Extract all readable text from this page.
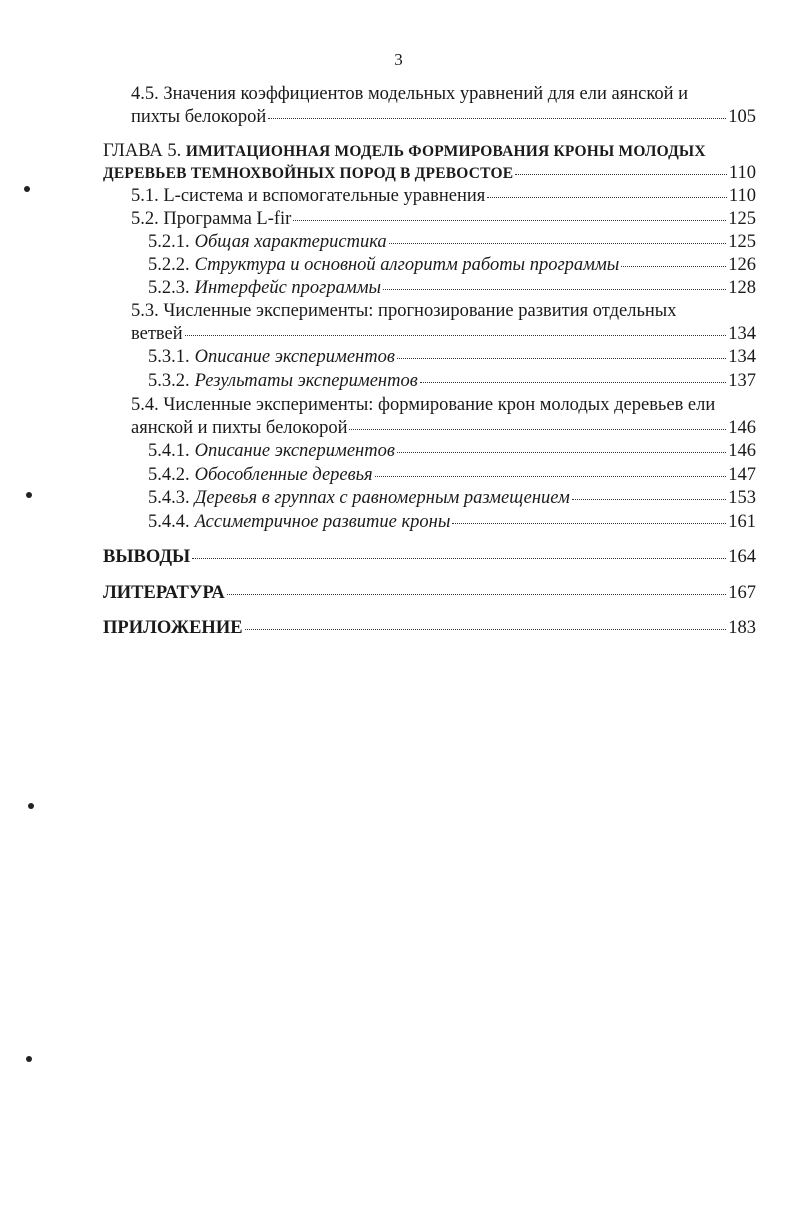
3
4.5. Значения коэффициентов модельных уравнений для ели аянской и
пихты белокорой	105
ГЛАВА 5. ИМИТАЦИОННАЯ МОДЕЛЬ ФОРМИРОВАНИЯ КРОНЫ МОЛОДЫХ
ДЕРЕВЬЕВ ТЕМНОХВОЙНЫХ ПОРОД В ДРЕВОСТОЕ	110
5.1. L-система и вспомогательные уравнения	110
5.2. Программа L-fir	125
5.2.1. Общая характеристика	125
5.2.2. Структура и основной алгоритм работы программы	126
5.2.3. Интерфейс программы	128
5.3. Численные эксперименты: прогнозирование развития отдельных
ветвей	134
5.3.1. Описание экспериментов	134
5.3.2. Результаты экспериментов	137
5.4. Численные эксперименты: формирование крон молодых деревьев ели
аянской и пихты белокорой	146
5.4.1. Описание экспериментов	146
5.4.2. Обособленные деревья	147
5.4.3. Деревья в группах с равномерным размещением	153
5.4.4. Ассиметричное развитие кроны	161
ВЫВОДЫ	164
ЛИТЕРАТУРА	167
ПРИЛОЖЕНИЕ	183
